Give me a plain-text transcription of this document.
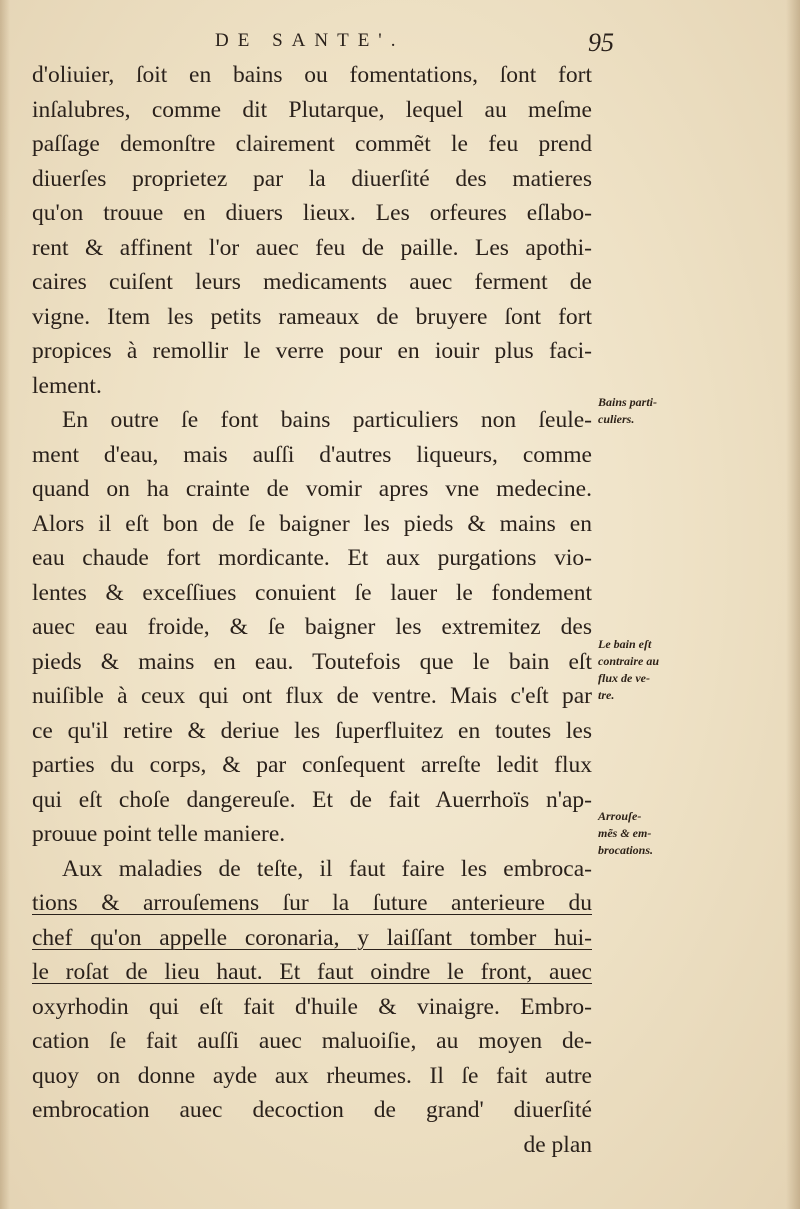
DE SANTE'.	95
d'oliuier, ſoit en bains ou fomentations, ſont fort
inſalubres, comme dit Plutarque, lequel au meſme
paſſage demonſtre clairement commẽt le feu prend
diuerſes proprietez par la diuerſité des matieres
qu'on trouue en diuers lieux. Les orfeures eſlabo-
rent & affinent l'or auec feu de paille. Les apothi-
caires cuiſent leurs medicaments auec ferment de
vigne. Item les petits rameaux de bruyere ſont fort
propices à remollir le verre pour en iouir plus faci-
lement.
En outre ſe font bains particuliers non ſeule-
ment d'eau, mais auſſi d'autres liqueurs, comme
quand on ha crainte de vomir apres vne medecine.
Alors il eſt bon de ſe baigner les pieds & mains en
eau chaude fort mordicante. Et aux purgations vio-
lentes & exceſſiues conuient ſe lauer le fondement
auec eau froide, & ſe baigner les extremitez des
pieds & mains en eau. Toutefois que le bain eſt
nuiſible à ceux qui ont flux de ventre. Mais c'eſt par
ce qu'il retire & deriue les ſuperfluitez en toutes les
parties du corps, & par conſequent arreſte ledit flux
qui eſt choſe dangereuſe. Et de fait Auerrhoïs n'ap-
prouue point telle maniere.
Aux maladies de teſte, il faut faire les embroca-
tions & arrouſemens ſur la ſuture anterieure du
chef qu'on appelle coronaria, y laiſſant tomber hui-
le roſat de lieu haut. Et faut oindre le front, auec
oxyrhodin qui eſt fait d'huile & vinaigre. Embro-
cation ſe fait auſſi auec maluoiſie, au moyen de-
quoy on donne ayde aux rheumes. Il ſe fait autre
embrocation auec decoction de grand' diuerſité
de plan
Bains parti-
culiers.
Le bain eſt
contraire au
flux de ve-
tre.
Arrouſe-
mẽs & em-
brocations.
